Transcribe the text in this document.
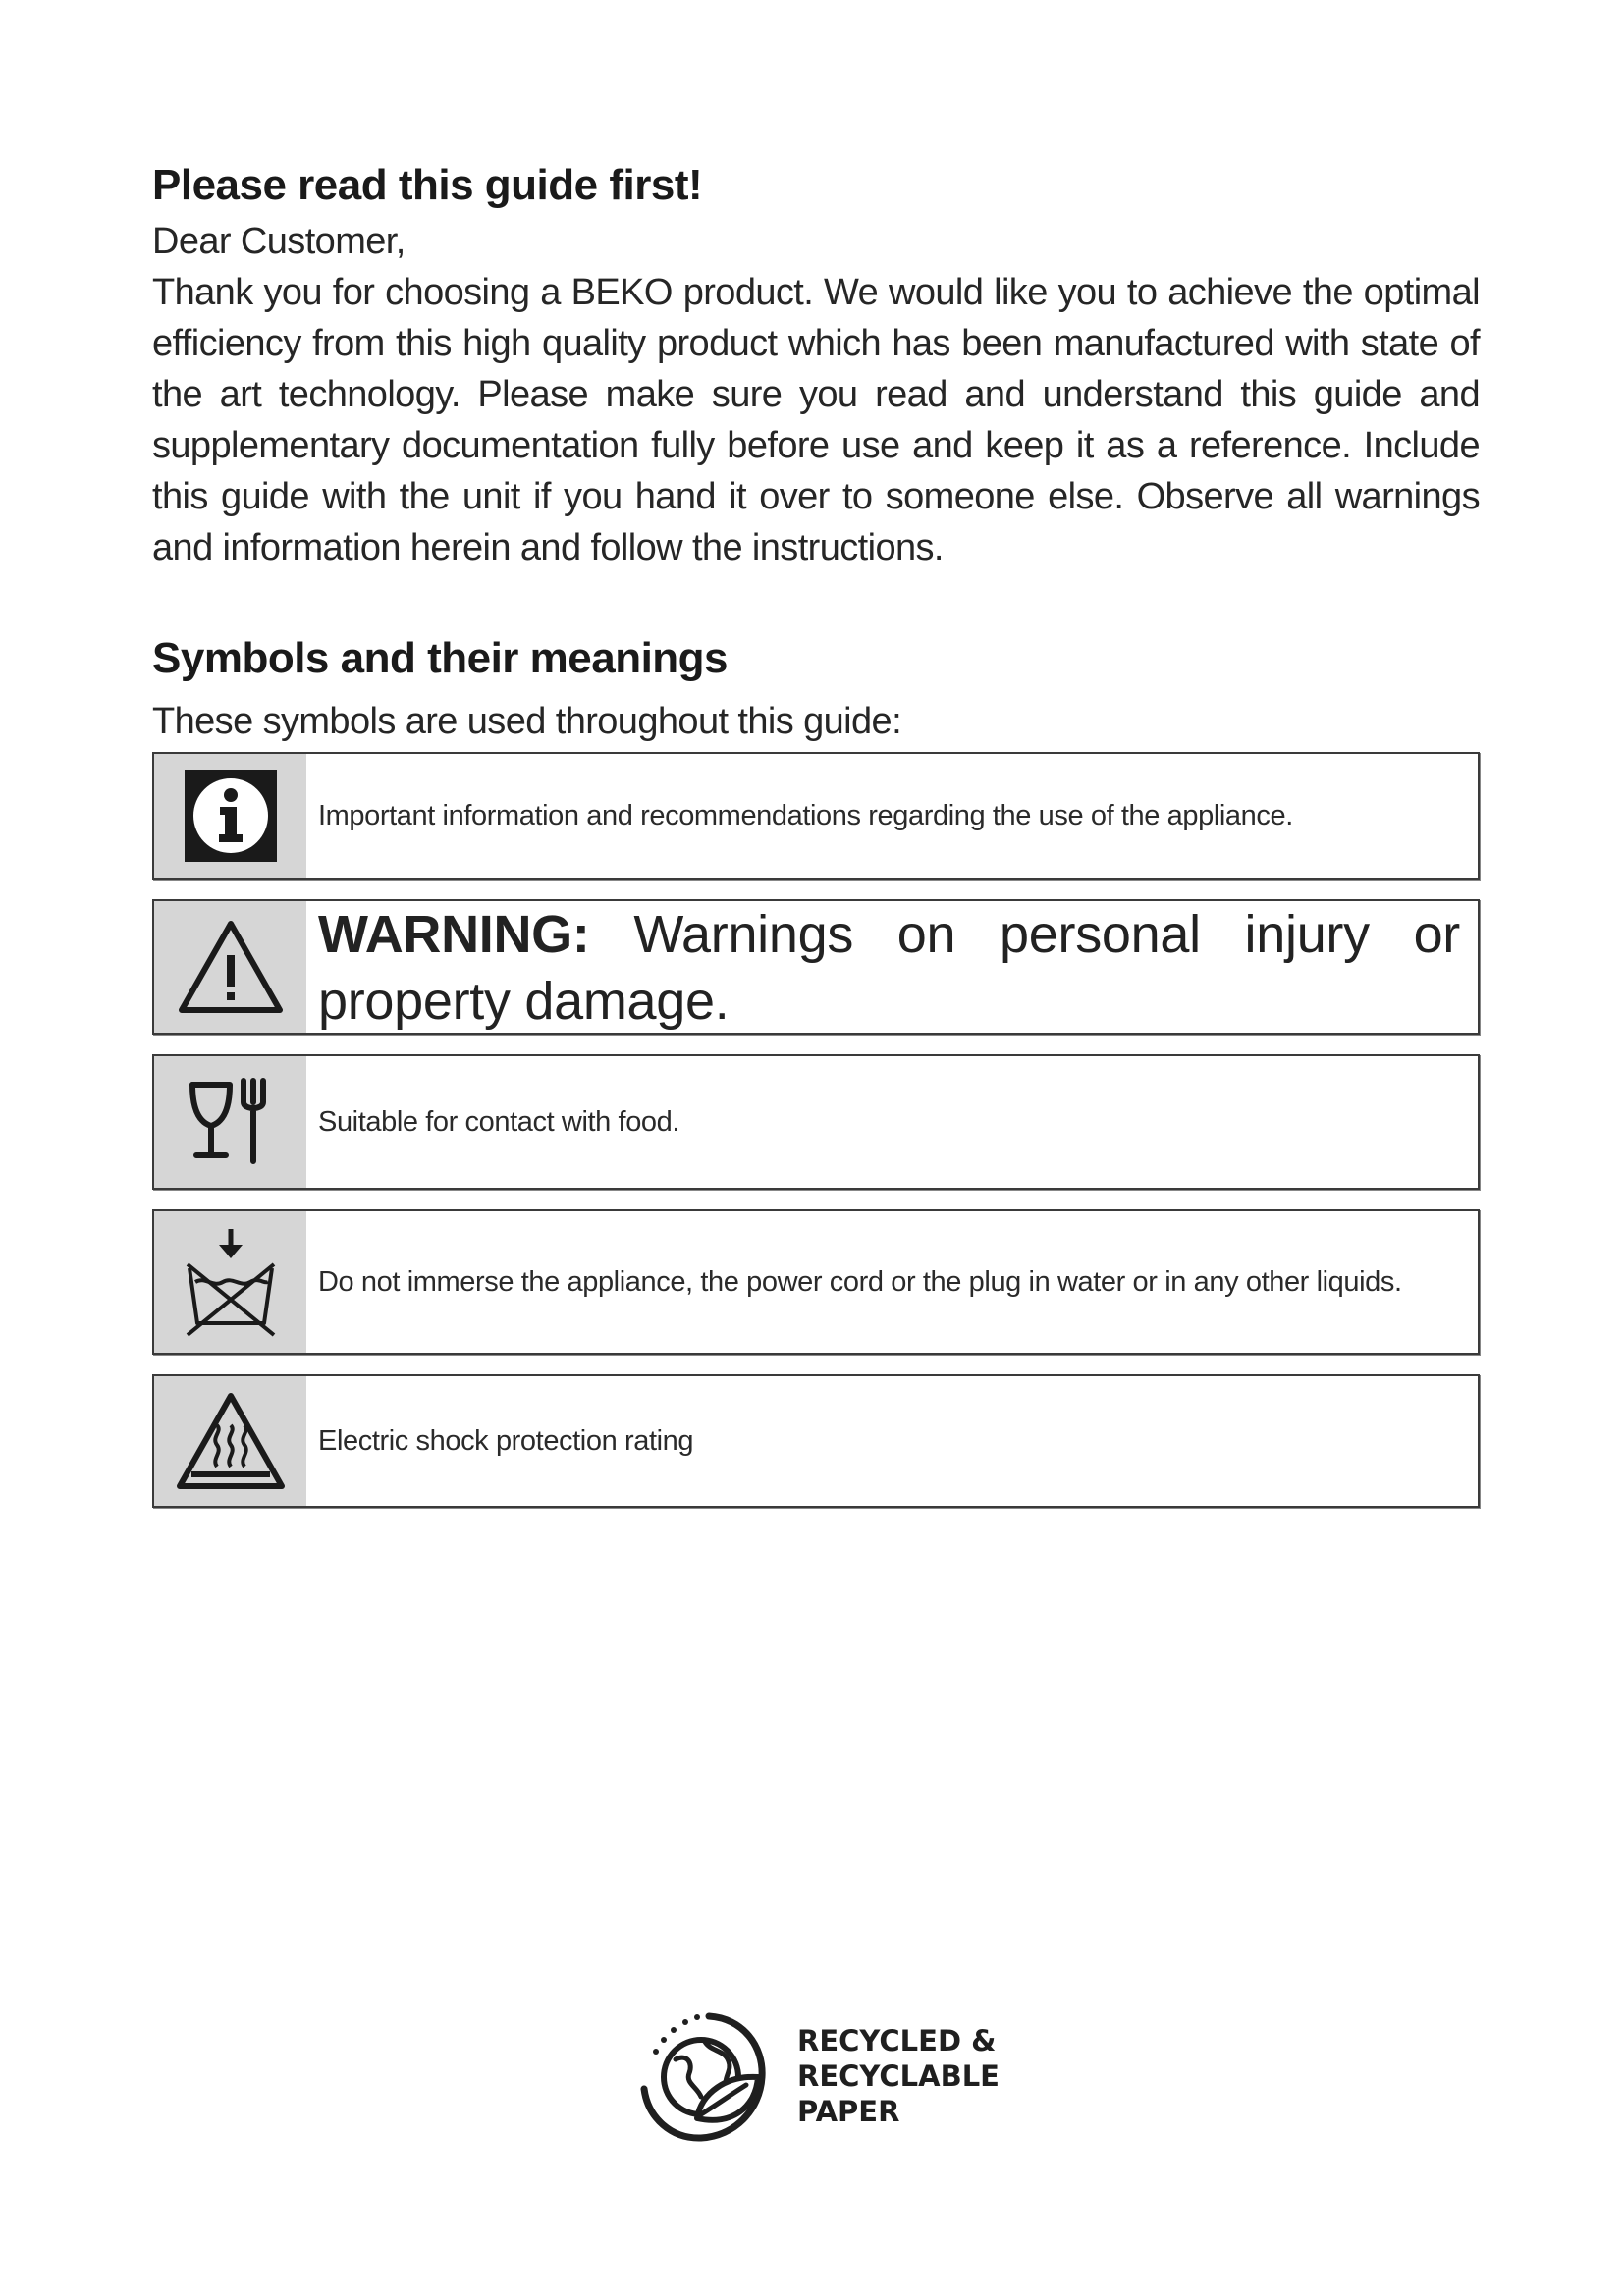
Please read this guide first!
Dear Customer,

Thank you for choosing a BEKO product. We would like you to achieve the optimal efficiency from this high quality product which has been manufactured with state of the art technology. Please make sure you read and understand this guide and supplementary documentation fully before use and keep it as a reference. Include this guide with the unit if you hand it over to someone else. Observe all warnings and information herein and follow the instructions.

Symbols and their meanings
These symbols are used throughout this guide:
Important information and recommendations regarding the use of the appliance.
WARNING: Warnings on personal injury or property damage.
Suitable for contact with food.
Do not immerse the appliance, the power cord or the plug in water or in any other liquids.
Electric shock protection rating
RECYCLED &
RECYCLABLE
PAPER
